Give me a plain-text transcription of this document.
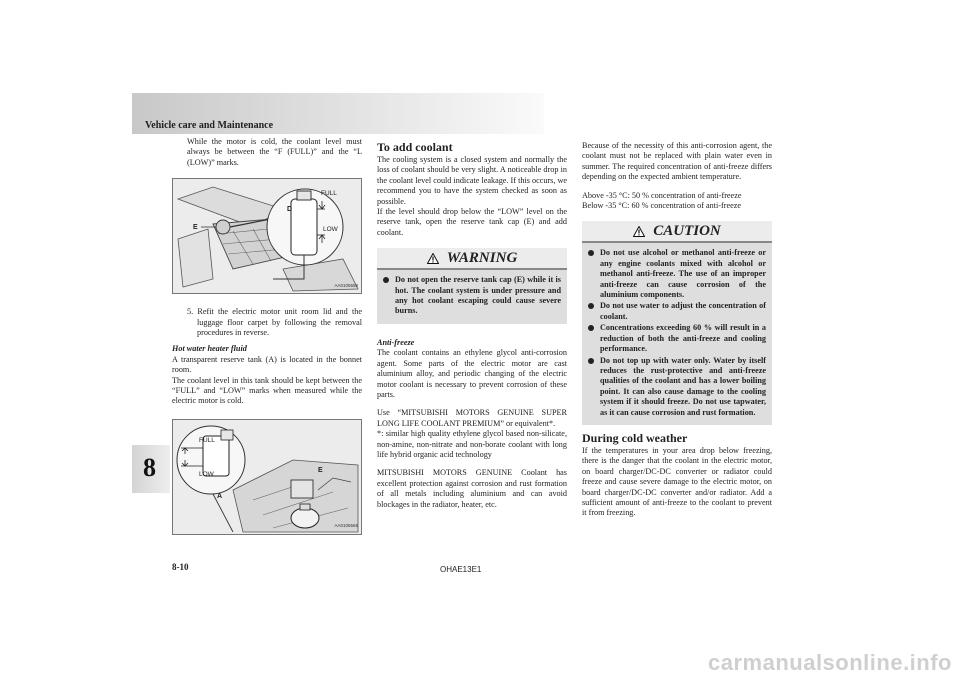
Vehicle care and Maintenance
8

While the motor is cold, the coolant level must always be between the “F (FULL)” and the “L (LOW)” marks.

FULL
LOW
E
D
AA0105558

5. Refit the electric motor unit room lid and the luggage floor carpet by following the removal procedures in reverse.

Hot water heater fluid

A transparent reserve tank (A) is located in the bonnet room.

The coolant level in this tank should be kept between the “FULL” and “LOW” marks when measured while the electric motor is cold.

FULL
LOW
E
A
AA0105565

To add coolant

The cooling system is a closed system and normally the loss of coolant should be very slight. A noticeable drop in the coolant level could indicate leakage. If this occurs, we recommend you to have the system checked as soon as possible.

If the level should drop below the “LOW” level on the reserve tank, open the reserve tank cap (E) and add coolant.

WARNING
Do not open the reserve tank cap (E) while it is hot. The coolant system is under pressure and any hot coolant escaping could cause severe burns.

Anti-freeze

The coolant contains an ethylene glycol anti-corrosion agent. Some parts of the electric motor are cast aluminium alloy, and periodic changing of the electric motor coolant is necessary to prevent corrosion of these parts.

Use “MITSUBISHI MOTORS GENUINE SUPER LONG LIFE COOLANT PREMIUM” or equivalent*.

*: similar high quality ethylene glycol based non-silicate, non-amine, non-nitrate and non-borate coolant with long life hybrid organic acid technology

MITSUBISHI MOTORS GENUINE Coolant has excellent protection against corrosion and rust formation of all metals including aluminium and can avoid blockages in the radiator, heater, etc.

Because of the necessity of this anti-corrosion agent, the coolant must not be replaced with plain water even in summer. The required concentration of anti-freeze differs depending on the expected ambient temperature.

Above -35 °C: 50 % concentration of anti-freeze

Below -35 °C: 60 % concentration of anti-freeze

CAUTION
Do not use alcohol or methanol anti-freeze or any engine coolants mixed with alcohol or methanol anti-freeze. The use of an improper anti-freeze can cause corrosion of the aluminium components.
Do not use water to adjust the concentration of coolant.
Concentrations exceeding 60 % will result in a reduction of both the anti-freeze and cooling performance.
Do not top up with water only. Water by itself reduces the rust-protective and anti-freeze qualities of the coolant and has a lower boiling point. It can also cause damage to the cooling system if it should freeze. Do not use tapwater, as it can cause corrosion and rust formation.

During cold weather

If the temperatures in your area drop below freezing, there is the danger that the coolant in the electric motor, on board charger/DC-DC converter or radiator could freeze and cause severe damage to the electric motor, on board charger/DC-DC converter and/or radiator. Add a sufficient amount of anti-freeze to the coolant to prevent it from freezing.

8-10	OHAE13E1
carmanualsonline.info
